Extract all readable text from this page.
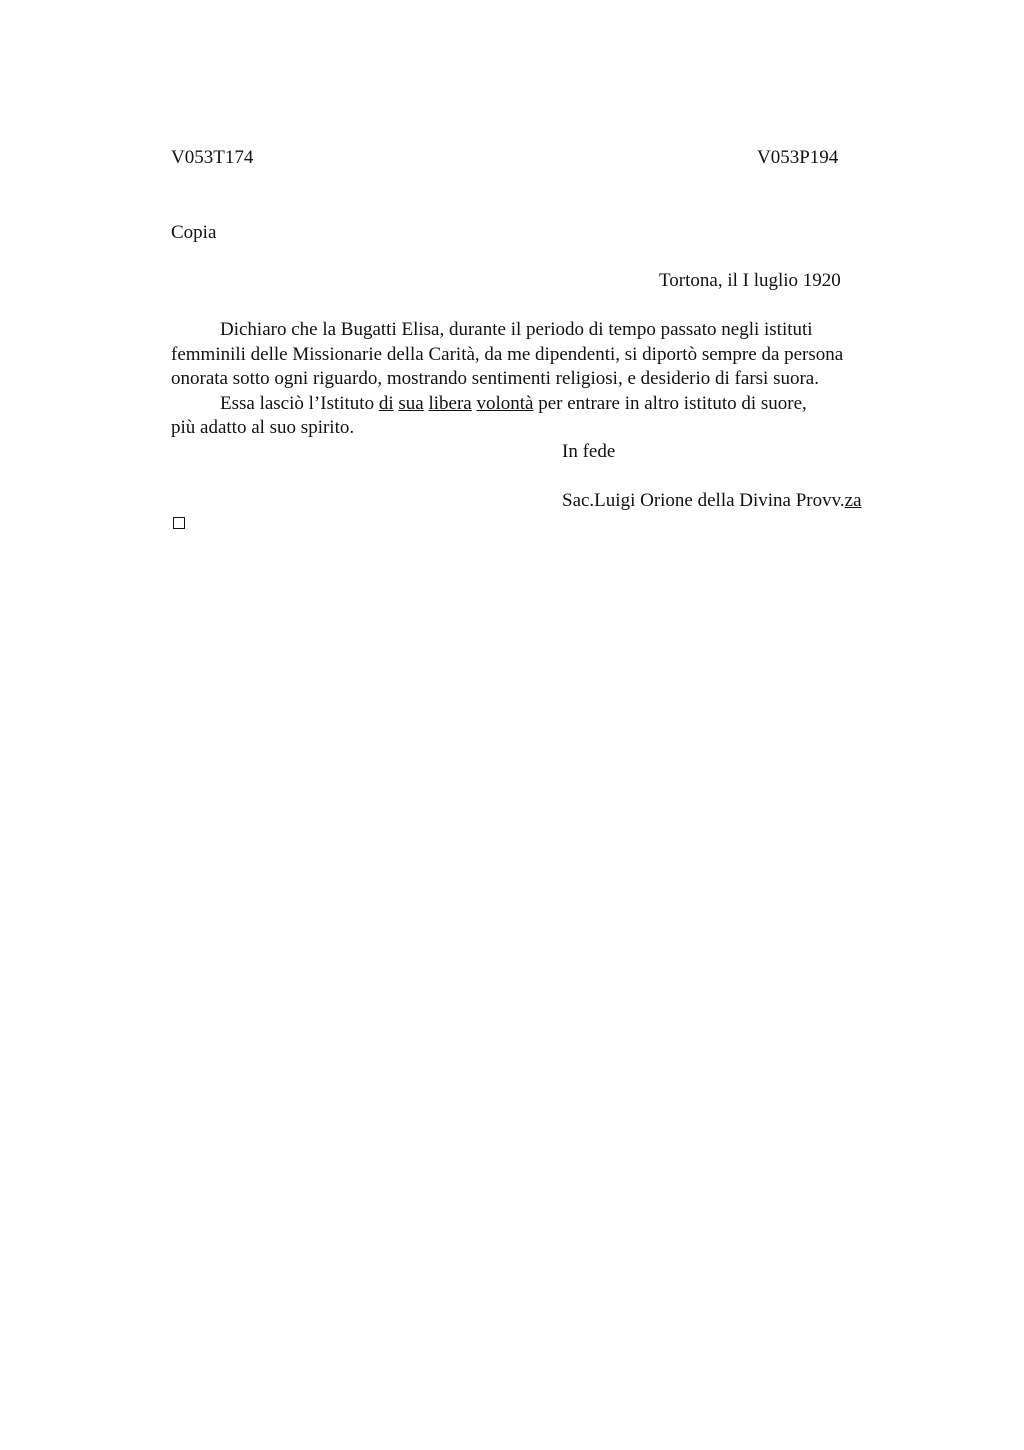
V053T174	V053P194
Copia
Tortona, il I luglio 1920

Dichiaro che la Bugatti Elisa, durante il periodo di tempo passato negli istituti
femminili delle Missionarie della Carità, da me dipendenti, si diportò sempre da persona
onorata sotto ogni riguardo, mostrando sentimenti religiosi, e desiderio di farsi suora.

Essa lasciò l’Istituto di sua libera volontà per entrare in altro istituto di suore,
più adatto al suo spirito.

In fede
Sac.Luigi Orione della Divina Provv.za
